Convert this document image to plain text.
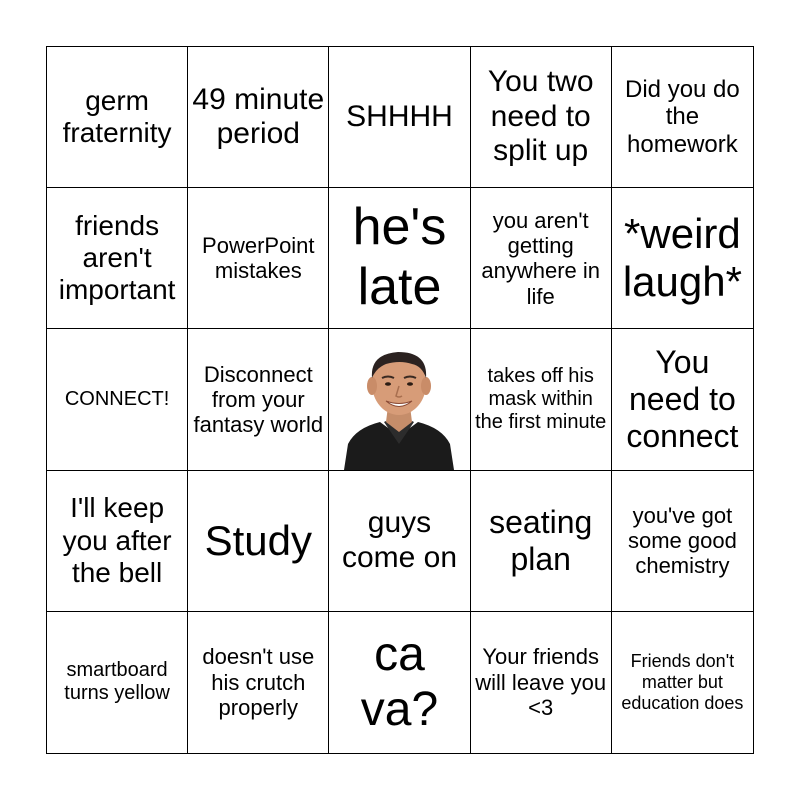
germ fraternity
49 minute period
SHHHH
You two need to split up
Did you do the homework
friends aren't important
PowerPoint mistakes
he's late
you aren't getting anywhere in life
*weird laugh*
CONNECT!
Disconnect from your fantasy world
takes off his mask within the first minute
You need to connect
I'll keep you after the bell
Study	guys come on
seating plan
you've got some good chemistry
smartboard turns yellow
doesn't use his crutch properly
ca va?
Your friends will leave you <3
Friends don't matter but education does
